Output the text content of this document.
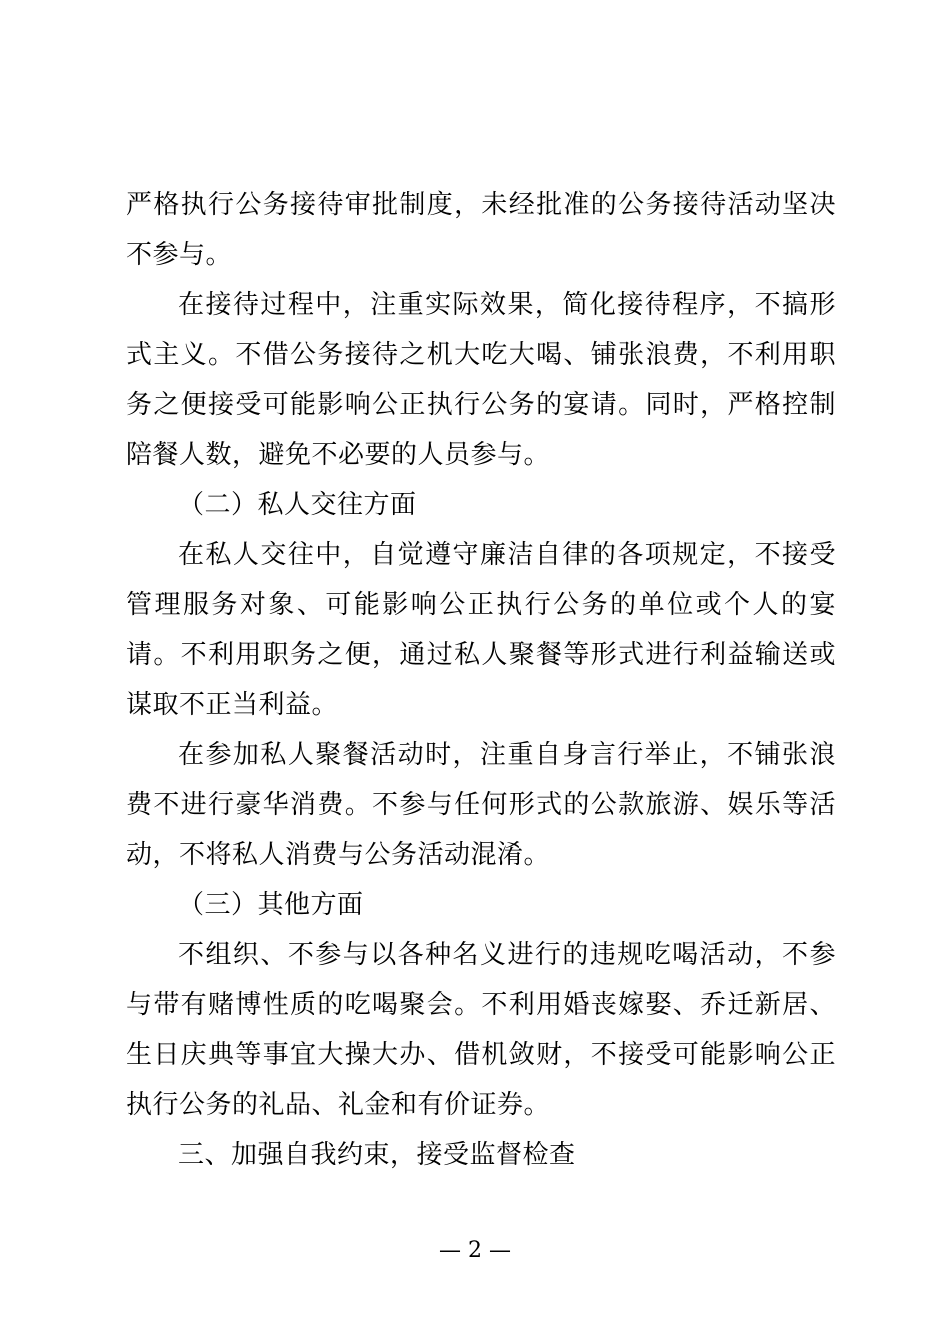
严格执行公务接待审批制度，未经批准的公务接待活动坚决不参与。

在接待过程中，注重实际效果，简化接待程序，不搞形式主义。不借公务接待之机大吃大喝、铺张浪费，不利用职务之便接受可能影响公正执行公务的宴请。同时，严格控制陪餐人数，避免不必要的人员参与。

（二）私人交往方面

在私人交往中，自觉遵守廉洁自律的各项规定，不接受管理服务对象、可能影响公正执行公务的单位或个人的宴请。不利用职务之便，通过私人聚餐等形式进行利益输送或谋取不正当利益。

在参加私人聚餐活动时，注重自身言行举止，不铺张浪费不进行豪华消费。不参与任何形式的公款旅游、娱乐等活动，不将私人消费与公务活动混淆。

（三）其他方面

不组织、不参与以各种名义进行的违规吃喝活动，不参与带有赌博性质的吃喝聚会。不利用婚丧嫁娶、乔迁新居、生日庆典等事宜大操大办、借机敛财，不接受可能影响公正执行公务的礼品、礼金和有价证券。

三、加强自我约束，接受监督检查

— 2 —
